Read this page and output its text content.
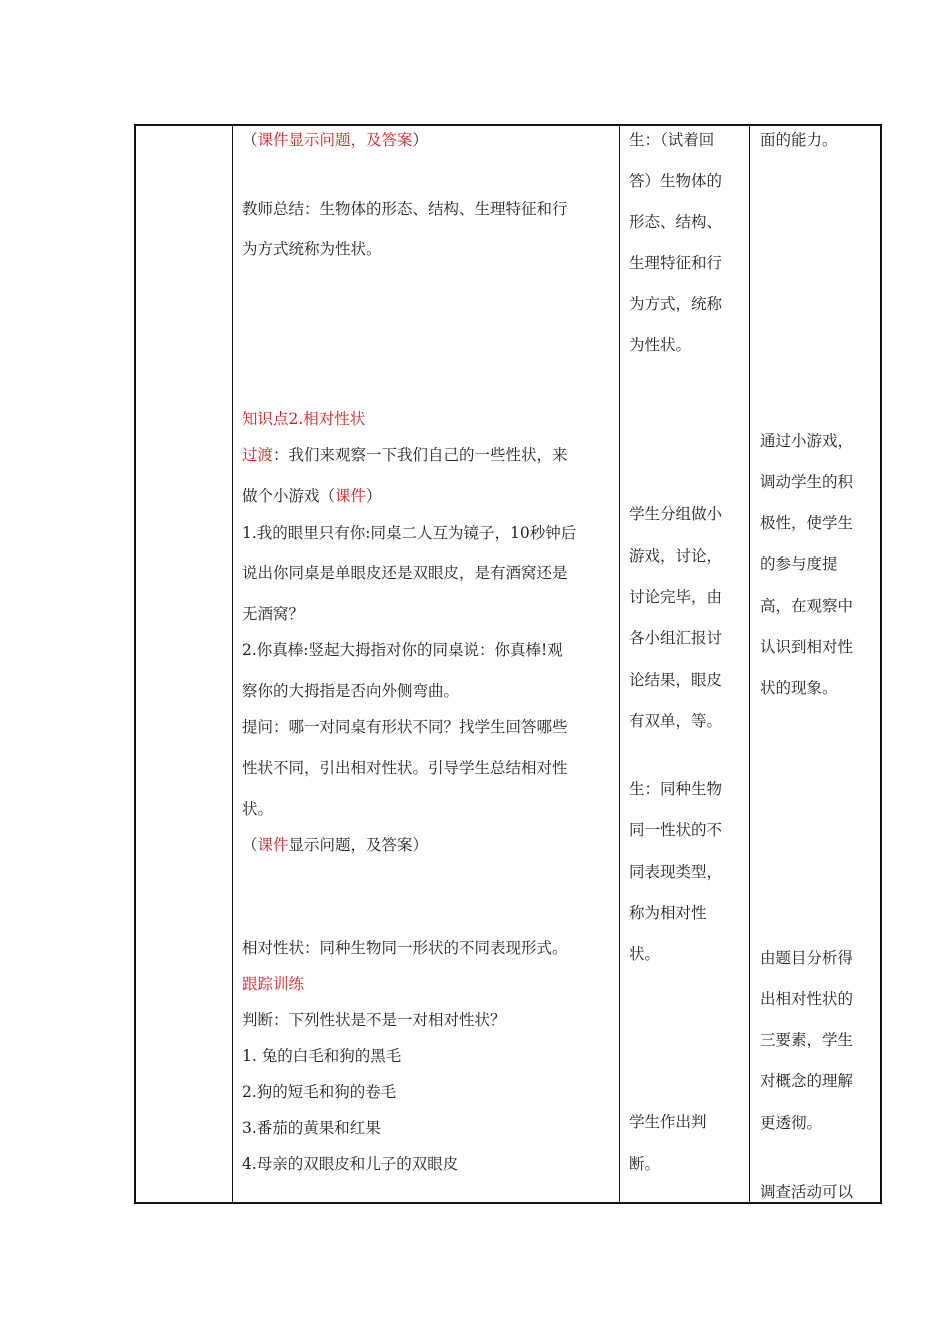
（课件显示问题，及答案）
教师总结：生物体的形态、结构、生理特征和行
为方式统称为性状。
知识点2.相对性状
过渡：我们来观察一下我们自己的一些性状，来
做个小游戏（课件）
1.我的眼里只有你:同桌二人互为镜子，10秒钟后
说出你同桌是单眼皮还是双眼皮，是有酒窝还是
无酒窝？
2.你真棒:竖起大拇指对你的同桌说：你真棒!观
察你的大拇指是否向外侧弯曲。
提问：哪一对同桌有形状不同？找学生回答哪些
性状不同，引出相对性状。引导学生总结相对性
状。
（课件显示问题，及答案）
相对性状：同种生物同一形状的不同表现形式。
跟踪训练
判断：下列性状是不是一对相对性状？
1. 兔的白毛和狗的黑毛
2.狗的短毛和狗的卷毛
3.番茄的黄果和红果
4.母亲的双眼皮和儿子的双眼皮
生：（试着回
答）生物体的
形态、结构、
生理特征和行
为方式，统称
为性状。
学生分组做小
游戏，讨论，
讨论完毕，由
各小组汇报讨
论结果，眼皮
有双单，等。
生：同种生物
同一性状的不
同表现类型，
称为相对性
状。
学生作出判
断。
面的能力。
通过小游戏，
调动学生的积
极性，使学生
的参与度提
高，在观察中
认识到相对性
状的现象。
由题目分析得
出相对性状的
三要素，学生
对概念的理解
更透彻。
调查活动可以
